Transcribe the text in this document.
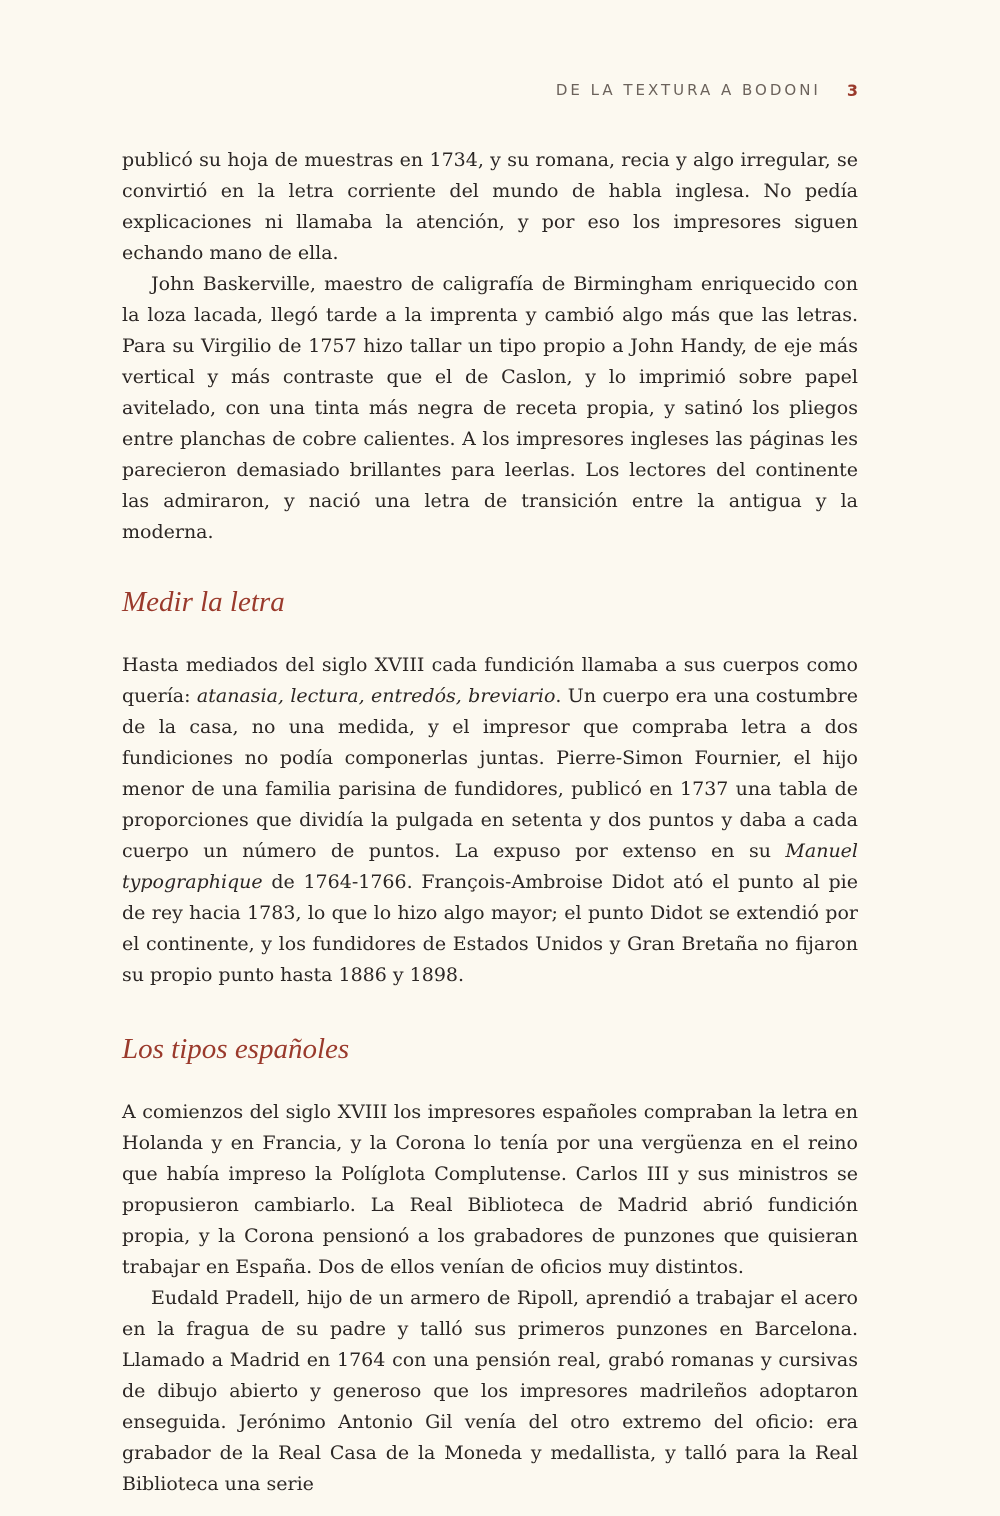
DE LA TEXTURA A BODONI 3

publicó su hoja de muestras en 1734, y su romana, recia y algo irregular, se convirtió en la letra corriente del mundo de habla inglesa. No pedía explicaciones ni llamaba la atención, y por eso los impresores siguen echando mano de ella.

John Baskerville, maestro de caligrafía de Birmingham enriquecido con la loza lacada, llegó tarde a la imprenta y cambió algo más que las letras. Para su Virgilio de 1757 hizo tallar un tipo propio a John Handy, de eje más vertical y más contraste que el de Caslon, y lo imprimió sobre papel avitelado, con una tinta más negra de receta propia, y satinó los pliegos entre planchas de cobre calientes. A los impresores ingleses las páginas les parecieron demasiado brillantes para leerlas. Los lectores del continente las admiraron, y nació una letra de transición entre la antigua y la moderna.

Medir la letra

Hasta mediados del siglo XVIII cada fundición llamaba a sus cuerpos como quería: atanasia, lectura, entredós, breviario. Un cuerpo era una costumbre de la casa, no una medida, y el impresor que compraba letra a dos fundiciones no podía componerlas juntas. Pierre-Simon Fournier, el hijo menor de una familia parisina de fundidores, publicó en 1737 una tabla de proporciones que dividía la pulgada en setenta y dos puntos y daba a cada cuerpo un número de puntos. La expuso por extenso en su Manuel typographique de 1764-1766. François-Ambroise Didot ató el punto al pie de rey hacia 1783, lo que lo hizo algo mayor; el punto Didot se extendió por el continente, y los fundidores de Estados Unidos y Gran Bretaña no fijaron su propio punto hasta 1886 y 1898.

Los tipos españoles

A comienzos del siglo XVIII los impresores españoles compraban la letra en Holanda y en Francia, y la Corona lo tenía por una vergüenza en el reino que había impreso la Políglota Complutense. Carlos III y sus ministros se propusieron cambiarlo. La Real Biblioteca de Madrid abrió fundición propia, y la Corona pensionó a los grabadores de punzones que quisieran trabajar en España. Dos de ellos venían de oficios muy distintos.

Eudald Pradell, hijo de un armero de Ripoll, aprendió a trabajar el acero en la fragua de su padre y talló sus primeros punzones en Barcelona. Llamado a Madrid en 1764 con una pensión real, grabó romanas y cursivas de dibujo abierto y generoso que los impresores madrileños adoptaron enseguida. Jerónimo Antonio Gil venía del otro extremo del oficio: era grabador de la Real Casa de la Moneda y medallista, y talló para la Real Biblioteca una serie
